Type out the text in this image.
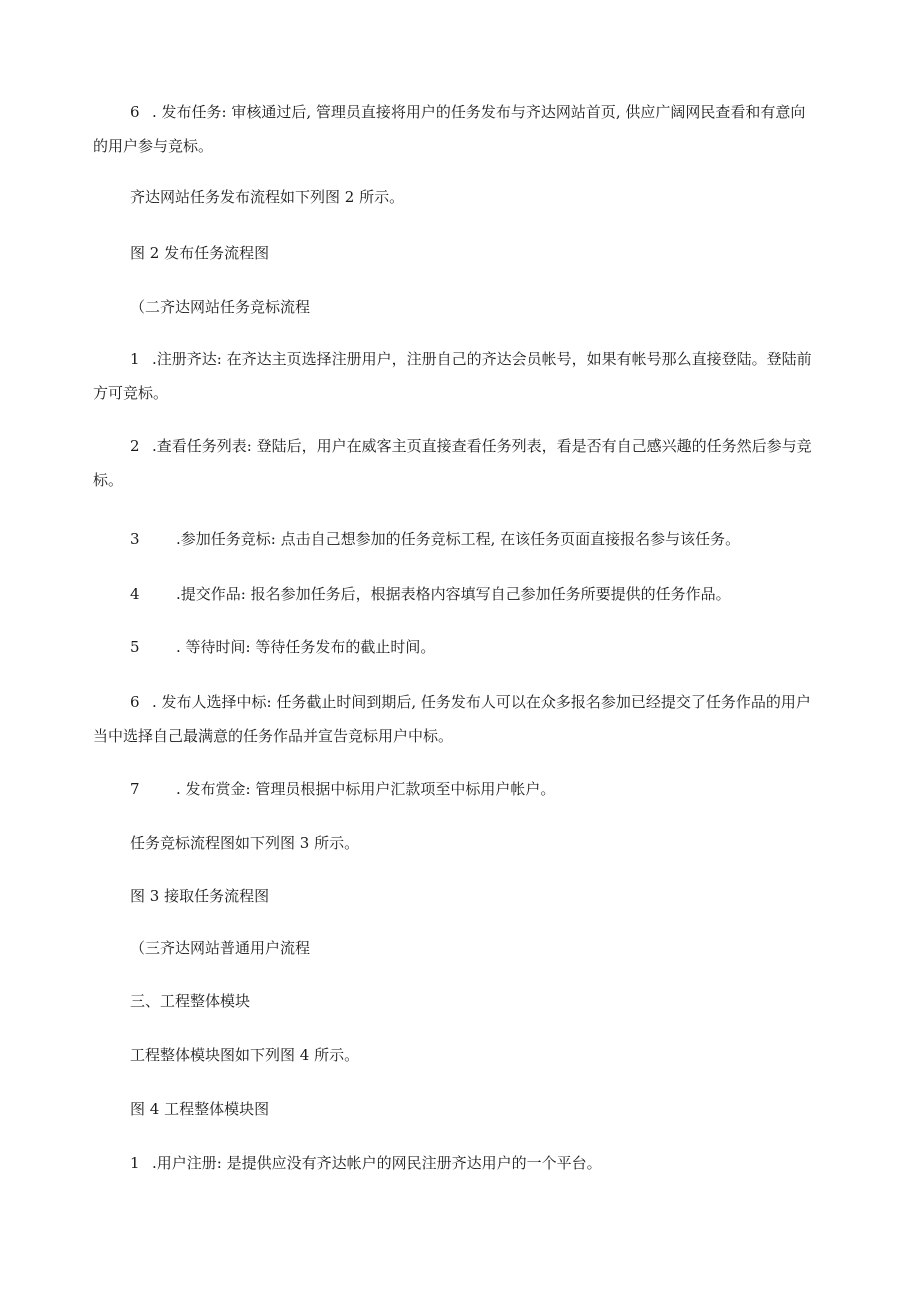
6 . 发布任务: 审核通过后, 管理员直接将用户的任务发布与齐达网站首页, 供应广阔网民查看和有意向的用户参与竞标。
齐达网站任务发布流程如下列图 2 所示。
图 2 发布任务流程图
（二齐达网站任务竞标流程
1 .注册齐达: 在齐达主页选择注册用户，注册自己的齐达会员帐号，如果有帐号那么直接登陆。登陆前方可竞标。
2 .查看任务列表: 登陆后，用户在威客主页直接查看任务列表，看是否有自己感兴趣的任务然后参与竞标。
3 .参加任务竞标: 点击自己想参加的任务竞标工程, 在该任务页面直接报名参与该任务。
4 .提交作品: 报名参加任务后，根据表格内容填写自己参加任务所要提供的任务作品。
5 . 等待时间: 等待任务发布的截止时间。
6 . 发布人选择中标: 任务截止时间到期后, 任务发布人可以在众多报名参加已经提交了任务作品的用户当中选择自己最满意的任务作品并宣告竞标用户中标。
7 . 发布赏金: 管理员根据中标用户汇款项至中标用户帐户。
任务竞标流程图如下列图 3 所示。
图 3 接取任务流程图
（三齐达网站普通用户流程
三、工程整体模块
工程整体模块图如下列图 4 所示。
图 4 工程整体模块图
1 .用户注册: 是提供应没有齐达帐户的网民注册齐达用户的一个平台。
